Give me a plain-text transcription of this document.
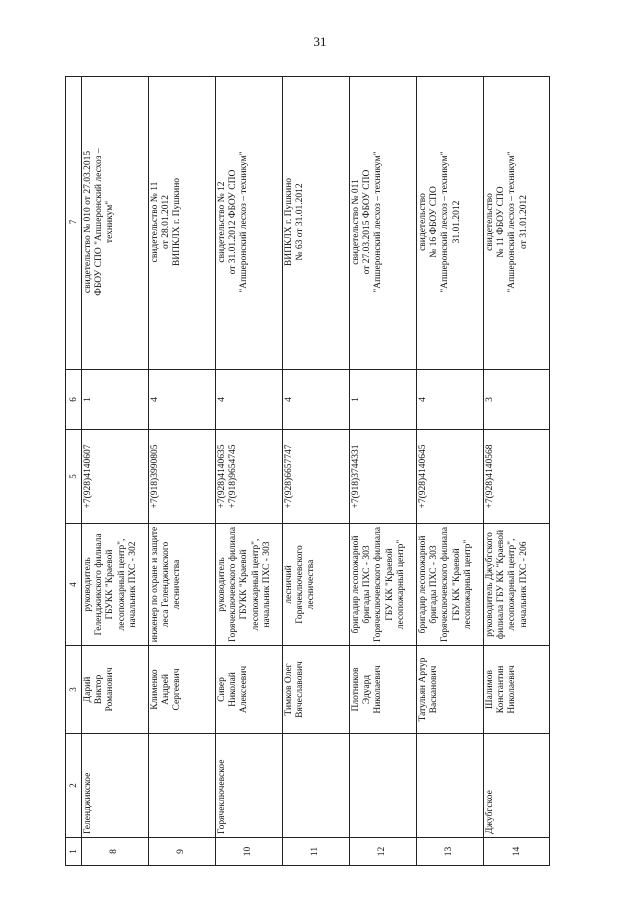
31
1
2
3
4
5
6
7
8
Геленджикское
Дарий Виктор Романович
руководитель Геленджикского филиала ГБУКК "Краевой лесопожарный центр", начальник ПХС - 302
+7(928)4140607
1
свидетельство № 010 от 27.03.2015 ФБОУ СПО "Апшеронский лесхоз – техникум"
9
Клименко Андрей Сергеевич
инженер по охране и защите леса Геленджикского лесничества
+7(918)3990805
4
свидетельство № 11 от 28.01.2012 ВИПКЛХ г. Пушкино
10
Горячеключевское
Сивер Николай Алексеевич
руководитель Горячеключевского филиала ГБУКК "Краевой лесопожарный центр", начальник ПХС - 303
+7(928)4140635
+7(918)9654745
4
свидетельство № 12 от 31.01.2012 ФБОУ СПО "Апшеронский лесхоз – техникум"
11
Тимков Олег Вячеславович
лесничий Горячеключевского лесничества
+7(928)6657747
4
ВИПКЛХ г. Пушкино № 63 от 31.01.2012
12
Плотников Эдуард Николаевич
бригадир лесопожарной бригады ПХС - 303 Горячеключевского филиала ГБУ КК "Краевой лесопожарный центр"
+7(918)3744331
1
свидетельство № 011 от 27.03.2015 ФБОУ СПО "Апшеронский лесхоз – техникум"
13
Татульян Артур Васканович
бригадир лесопожарной бригады ПХС - 303 Горячеключевского филиала ГБУ КК "Краевой лесопожарный центр"
+7(928)4140645
4
свидетельство № 16 ФБОУ СПО "Апшеронский лесхоз – техникум" 31.01.2012
14
Джубгское
Шалимов Константин Николаевич
руководитель Джубгского филиала ГБУ КК "Краевой лесопожарный центр", начальник ПХС - 206
+7(928)4140568
3
свидетельство № 11 ФБОУ СПО "Апшеронский лесхоз – техникум" от 31.01.2012
